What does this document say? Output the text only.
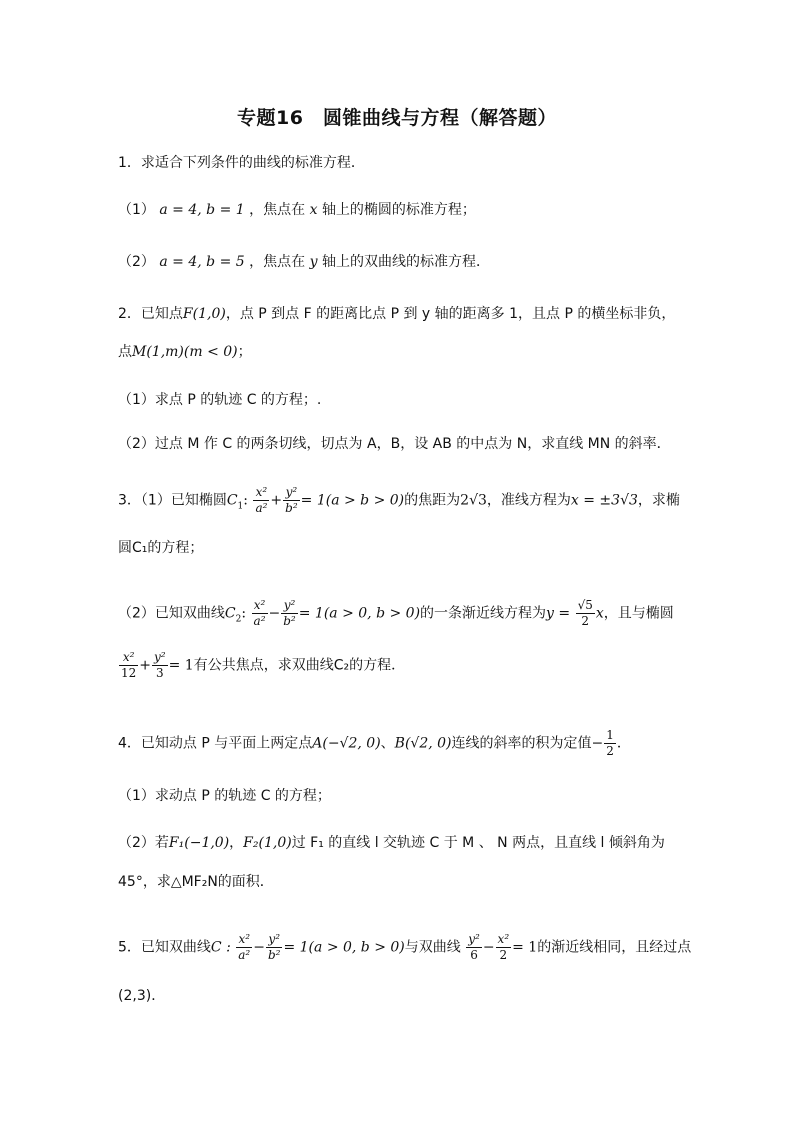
专题16　圆锥曲线与方程（解答题）
1．求适合下列条件的曲线的标准方程．
（1） a = 4, b = 1 ，焦点在 x 轴上的椭圆的标准方程；
（2） a = 4, b = 5 ，焦点在 y 轴上的双曲线的标准方程．
2．已知点F(1,0)，点 P 到点 F 的距离比点 P 到 y 轴的距离多 1，且点 P 的横坐标非负，
点M(1,m)(m < 0)；
（1）求点 P 的轨迹 C 的方程；.
（2）过点 M 作 C 的两条切线，切点为 A，B，设 AB 的中点为 N，求直线 MN 的斜率．
3．（1）已知椭圆$C_1$: $\frac{\text{x²}}{\text{a²}} + \frac{\text{y²}}{\text{b²}} = 1(a > b > 0)$的焦距为2√3，准线方程为x = ±3√3，求椭
圆C₁的方程；
（2）已知双曲线$C_2$: $\frac{\text{x²}}{\text{a²}} - \frac{\text{y²}}{\text{b²}} = 1(a > 0$, b > 0)的一条渐近线方程为$y = \frac{√5}{2}$ x，且与椭圆
$\frac{\text{x²}}{12} + \frac{\text{y²}}{3} = 1$有公共焦点，求双曲线C₂的方程．
4．已知动点 P 与平面上两定点A(−√2, 0)、B(√2, 0)连线的斜率的积为定值− $\frac{1}{2}$ ．
（1）求动点 P 的轨迹 C 的方程；
（2）若F₁(−1,0)，F₂(1,0)过 F₁ 的直线 l 交轨迹 C 于 M 、 N 两点，且直线 l 倾斜角为
45°，求△MF₂N的面积．
5．已知双曲线C : $\frac{\text{x²}}{\text{a²}} - \frac{\text{y²}}{\text{b²}} = 1(a > 0$, b > 0)与双曲线 $\frac{\text{y²}}{6} - \frac{\text{x²}}{2} = 1$的渐近线相同，且经过点
(2,3)．
